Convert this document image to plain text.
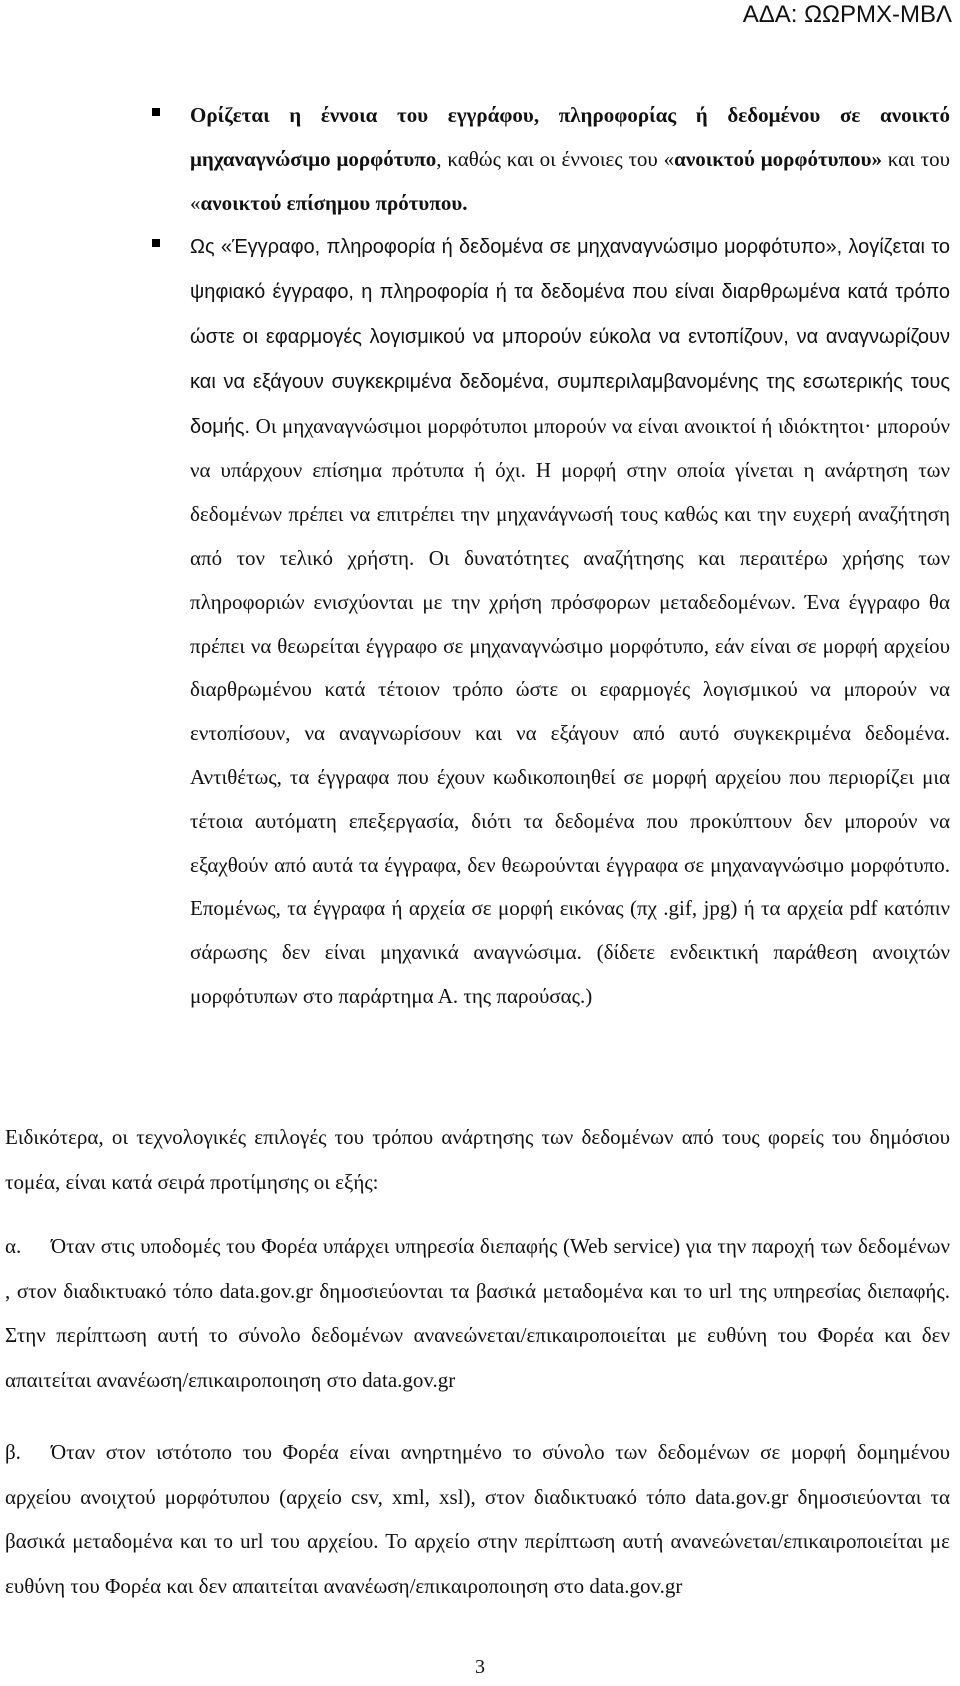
ΑΔΑ: ΩΩΡΜΧ-ΜΒΛ
Ορίζεται η έννοια του εγγράφου, πληροφορίας ή δεδομένου σε ανοικτό μηχαναγνώσιμο μορφότυπο, καθώς και οι έννοιες του «ανοικτού μορφότυπου» και του «ανοικτού επίσημου πρότυπου.
Ως «Έγγραφο, πληροφορία ή δεδομένα σε μηχαναγνώσιμο μορφότυπο», λογίζεται το ψηφιακό έγγραφο, η πληροφορία ή τα δεδομένα που είναι διαρθρωμένα κατά τρόπο ώστε οι εφαρμογές λογισμικού να μπορούν εύκολα να εντοπίζουν, να αναγνωρίζουν και να εξάγουν συγκεκριμένα δεδομένα, συμπεριλαμβανομένης της εσωτερικής τους δομής. Οι μηχαναγνώσιμοι μορφότυποι μπορούν να είναι ανοικτοί ή ιδιόκτητοι· μπορούν να υπάρχουν επίσημα πρότυπα ή όχι. Η μορφή στην οποία γίνεται η ανάρτηση των δεδομένων πρέπει να επιτρέπει την μηχανάγνωσή τους καθώς και την ευχερή αναζήτηση από τον τελικό χρήστη. Οι δυνατότητες αναζήτησης και περαιτέρω χρήσης των πληροφοριών ενισχύονται με την χρήση πρόσφορων μεταδεδομένων. Ένα έγγραφο θα πρέπει να θεωρείται έγγραφο σε μηχαναγνώσιμο μορφότυπο, εάν είναι σε μορφή αρχείου διαρθρωμένου κατά τέτοιον τρόπο ώστε οι εφαρμογές λογισμικού να μπορούν να εντοπίσουν, να αναγνωρίσουν και να εξάγουν από αυτό συγκεκριμένα δεδομένα. Αντιθέτως, τα έγγραφα που έχουν κωδικοποιηθεί σε μορφή αρχείου που περιορίζει μια τέτοια αυτόματη επεξεργασία, διότι τα δεδομένα που προκύπτουν δεν μπορούν να εξαχθούν από αυτά τα έγγραφα, δεν θεωρούνται έγγραφα σε μηχαναγνώσιμο μορφότυπο. Επομένως, τα έγγραφα ή αρχεία σε μορφή εικόνας (πχ .gif, jpg) ή τα αρχεία pdf κατόπιν σάρωσης δεν είναι μηχανικά αναγνώσιμα. (δίδετε ενδεικτική παράθεση ανοιχτών μορφότυπων στο παράρτημα Α. της παρούσας.)

Ειδικότερα, οι τεχνολογικές επιλογές του τρόπου ανάρτησης των δεδομένων από τους φορείς του δημόσιου τομέα, είναι κατά σειρά προτίμησης οι εξής:

α. Όταν στις υποδομές του Φορέα υπάρχει υπηρεσία διεπαφής (Web service) για την παροχή των δεδομένων , στον διαδικτυακό τόπο data.gov.gr δημοσιεύονται τα βασικά μεταδομένα και το url της υπηρεσίας διεπαφής. Στην περίπτωση αυτή το σύνολο δεδομένων ανανεώνεται/επικαιροποιείται με ευθύνη του Φορέα και δεν απαιτείται ανανέωση/επικαιροποιηση στο data.gov.gr

β. Όταν στον ιστότοπο του Φορέα είναι ανηρτημένο το σύνολο των δεδομένων σε μορφή δομημένου αρχείου ανοιχτού μορφότυπου (αρχείο csv, xml, xsl), στον διαδικτυακό τόπο data.gov.gr δημοσιεύονται τα βασικά μεταδομένα και το url του αρχείου. Το αρχείο στην περίπτωση αυτή ανανεώνεται/επικαιροποιείται με ευθύνη του Φορέα και δεν απαιτείται ανανέωση/επικαιροποιηση στο data.gov.gr

3
